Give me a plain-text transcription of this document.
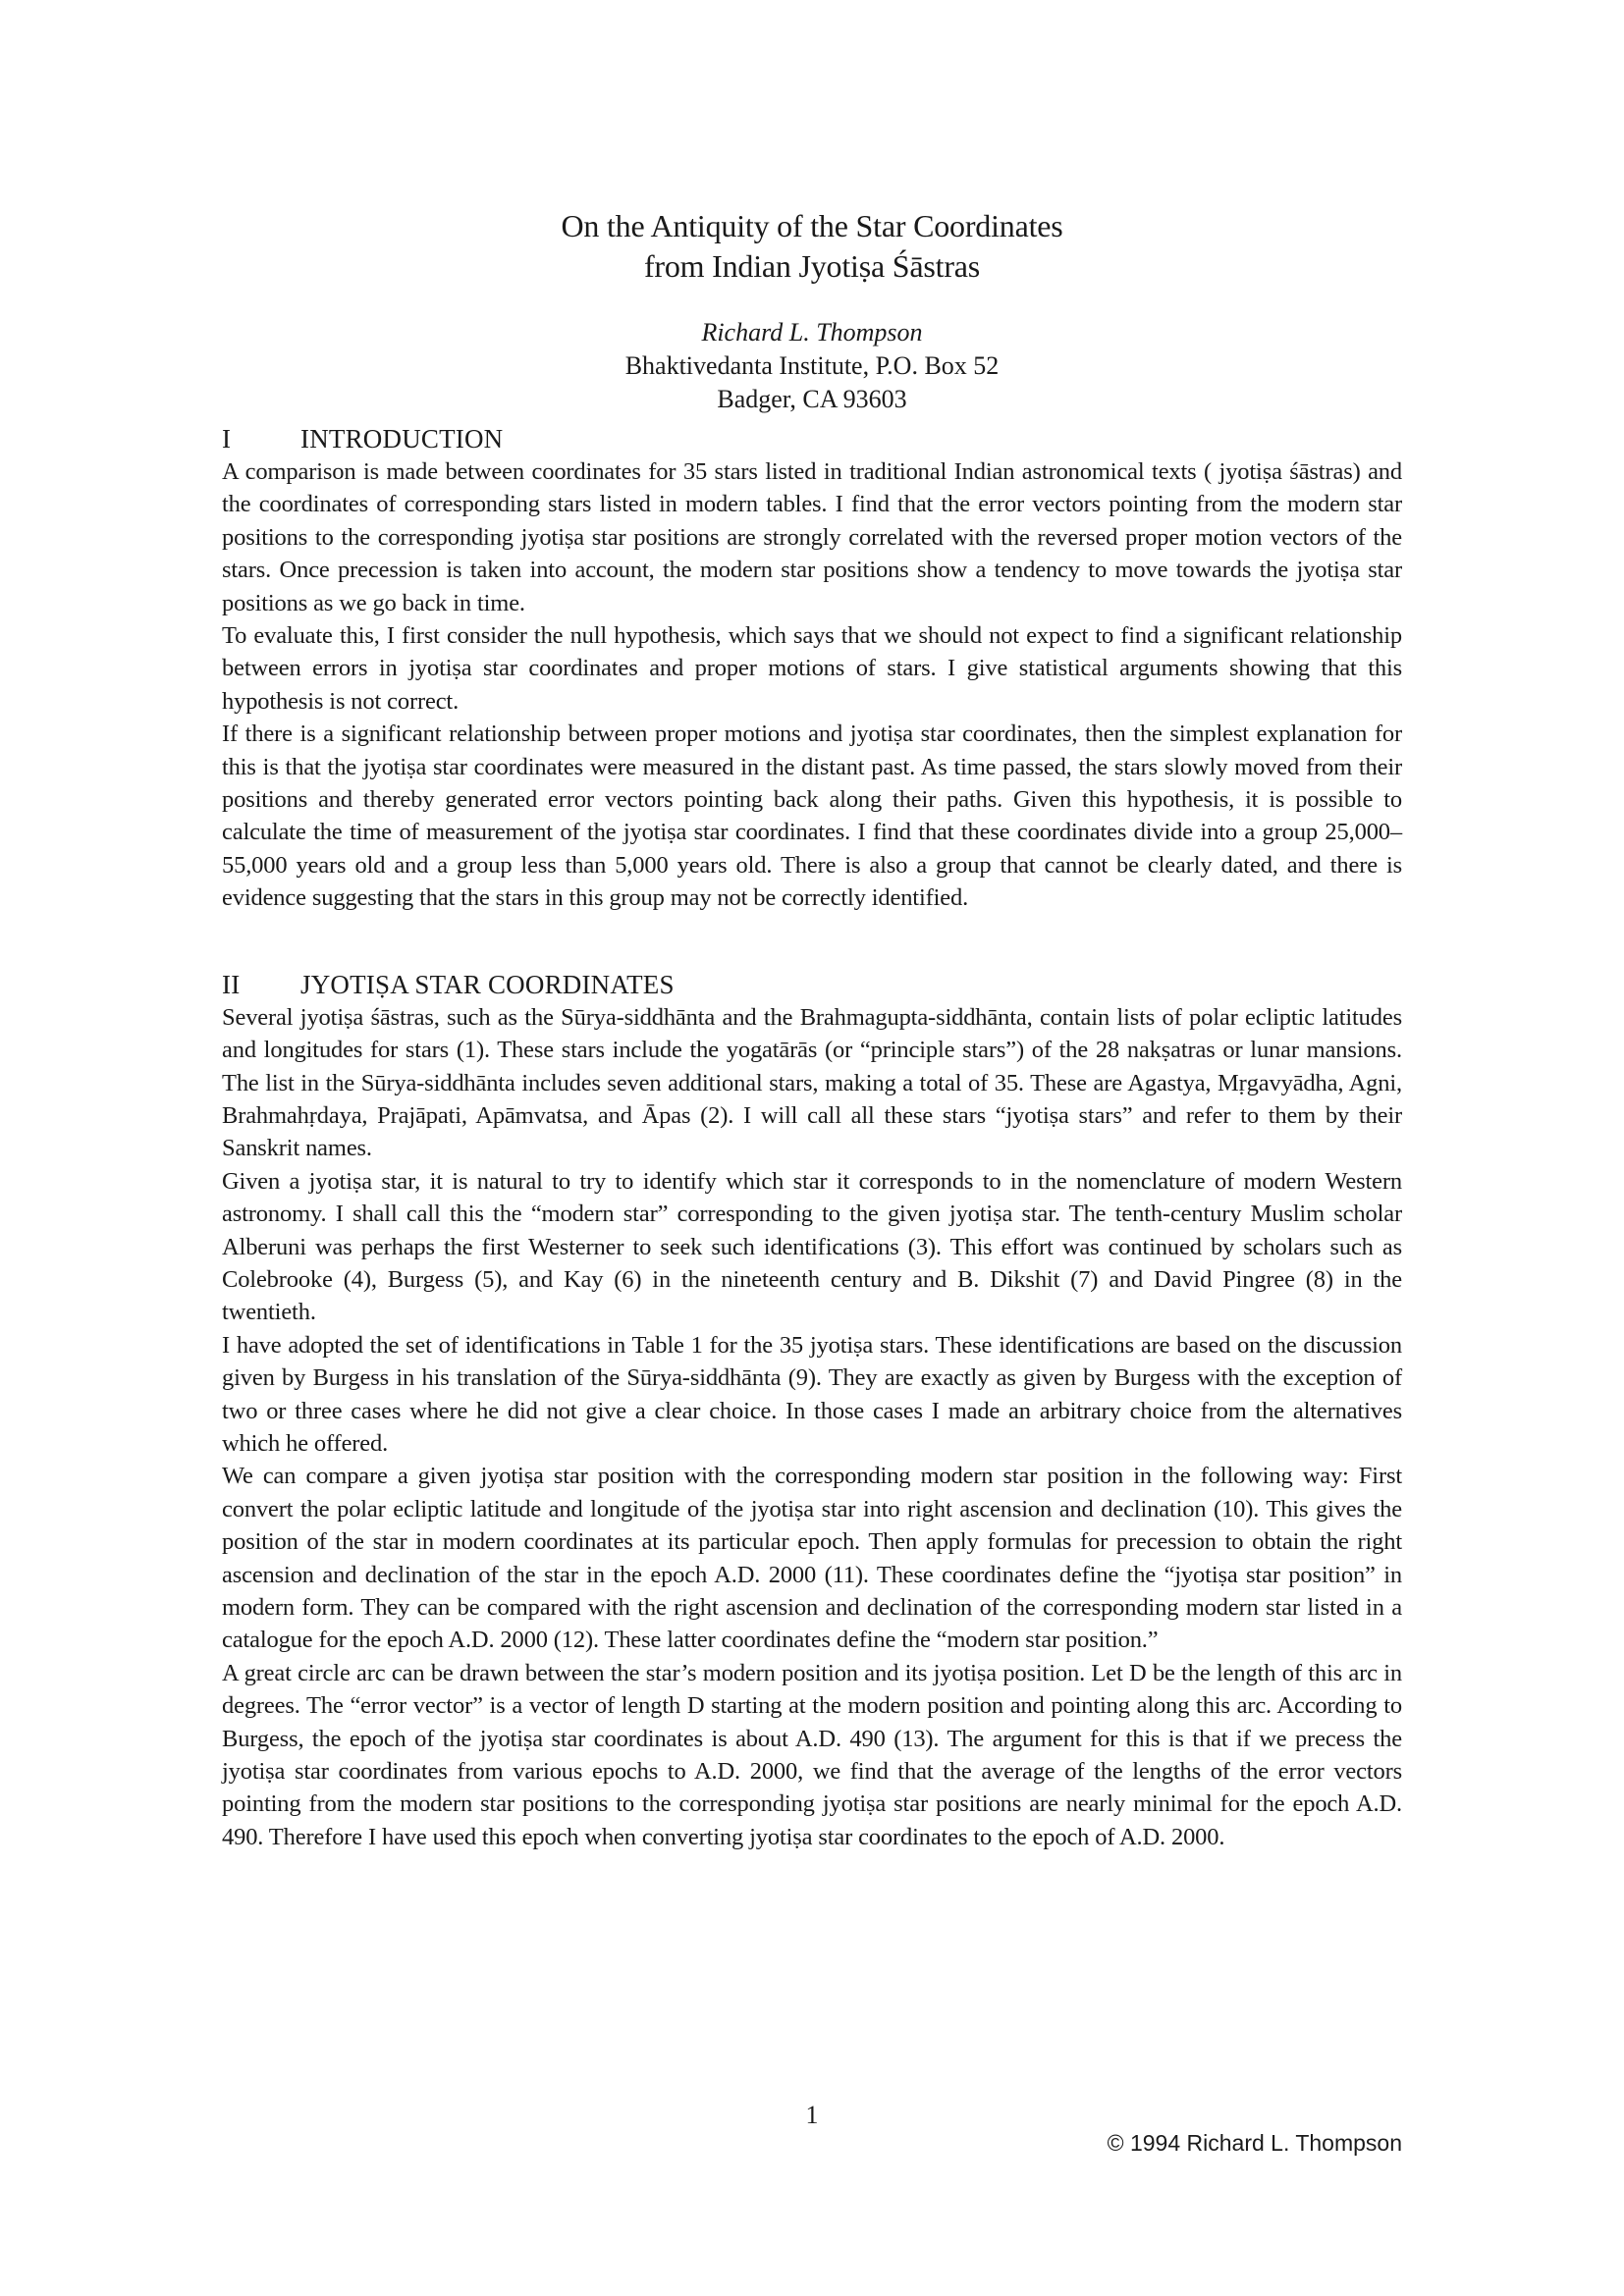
On the Antiquity of the Star Coordinates
from Indian Jyotiṣa Śāstras
Richard L. Thompson
Bhaktivedanta Institute, P.O. Box 52
Badger, CA 93603
I	INTRODUCTION

A comparison is made between coordinates for 35 stars listed in traditional Indian astronomical texts ( jyotiṣa śāstras) and the coordinates of corresponding stars listed in modern tables. I find that the error vectors pointing from the modern star positions to the corresponding jyotiṣa star positions are strongly correlated with the reversed proper motion vectors of the stars. Once precession is taken into account, the modern star positions show a tendency to move towards the jyotiṣa star positions as we go back in time.

To evaluate this, I first consider the null hypothesis, which says that we should not expect to find a significant relationship between errors in jyotiṣa star coordinates and proper motions of stars. I give statistical arguments showing that this hypothesis is not correct.

If there is a significant relationship between proper motions and jyotiṣa star coordinates, then the simplest explanation for this is that the jyotiṣa star coordinates were measured in the distant past. As time passed, the stars slowly moved from their positions and thereby generated error vectors pointing back along their paths. Given this hypothesis, it is possible to calculate the time of measurement of the jyotiṣa star coordinates. I find that these coordinates divide into a group 25,000–55,000 years old and a group less than 5,000 years old. There is also a group that cannot be clearly dated, and there is evidence suggesting that the stars in this group may not be correctly identified.

II	JYOTIṢA STAR COORDINATES

Several jyotiṣa śāstras, such as the Sūrya-siddhānta and the Brahmagupta-siddhānta, contain lists of polar ecliptic latitudes and longitudes for stars (1). These stars include the yogatārās (or “principle stars”) of the 28 nakṣatras or lunar mansions. The list in the Sūrya-siddhānta includes seven additional stars, making a total of 35. These are Agastya, Mṛgavyādha, Agni, Brahmahṛdaya, Prajāpati, Apāmvatsa, and Āpas (2). I will call all these stars “jyotiṣa stars” and refer to them by their Sanskrit names.

Given a jyotiṣa star, it is natural to try to identify which star it corresponds to in the nomenclature of modern Western astronomy. I shall call this the “modern star” corresponding to the given jyotiṣa star. The tenth-century Muslim scholar Alberuni was perhaps the first Westerner to seek such identifications (3). This effort was continued by scholars such as Colebrooke (4), Burgess (5), and Kay (6) in the nineteenth century and B. Dikshit (7) and David Pingree (8) in the twentieth.

I have adopted the set of identifications in Table 1 for the 35 jyotiṣa stars. These identifications are based on the discussion given by Burgess in his translation of the Sūrya-siddhānta (9). They are exactly as given by Burgess with the exception of two or three cases where he did not give a clear choice. In those cases I made an arbitrary choice from the alternatives which he offered.

We can compare a given jyotiṣa star position with the corresponding modern star position in the following way: First convert the polar ecliptic latitude and longitude of the jyotiṣa star into right ascension and declination (10). This gives the position of the star in modern coordinates at its particular epoch. Then apply formulas for precession to obtain the right ascension and declination of the star in the epoch A.D. 2000 (11). These coordinates define the “jyotiṣa star position” in modern form. They can be compared with the right ascension and declination of the corresponding modern star listed in a catalogue for the epoch A.D. 2000 (12). These latter coordinates define the “modern star position.”

A great circle arc can be drawn between the star’s modern position and its jyotiṣa position. Let D be the length of this arc in degrees. The “error vector” is a vector of length D starting at the modern position and pointing along this arc. According to Burgess, the epoch of the jyotiṣa star coordinates is about A.D. 490 (13). The argument for this is that if we precess the jyotiṣa star coordinates from various epochs to A.D. 2000, we find that the average of the lengths of the error vectors pointing from the modern star positions to the corresponding jyotiṣa star positions are nearly minimal for the epoch A.D. 490. Therefore I have used this epoch when converting jyotiṣa star coordinates to the epoch of A.D. 2000.

1
© 1994 Richard L. Thompson
